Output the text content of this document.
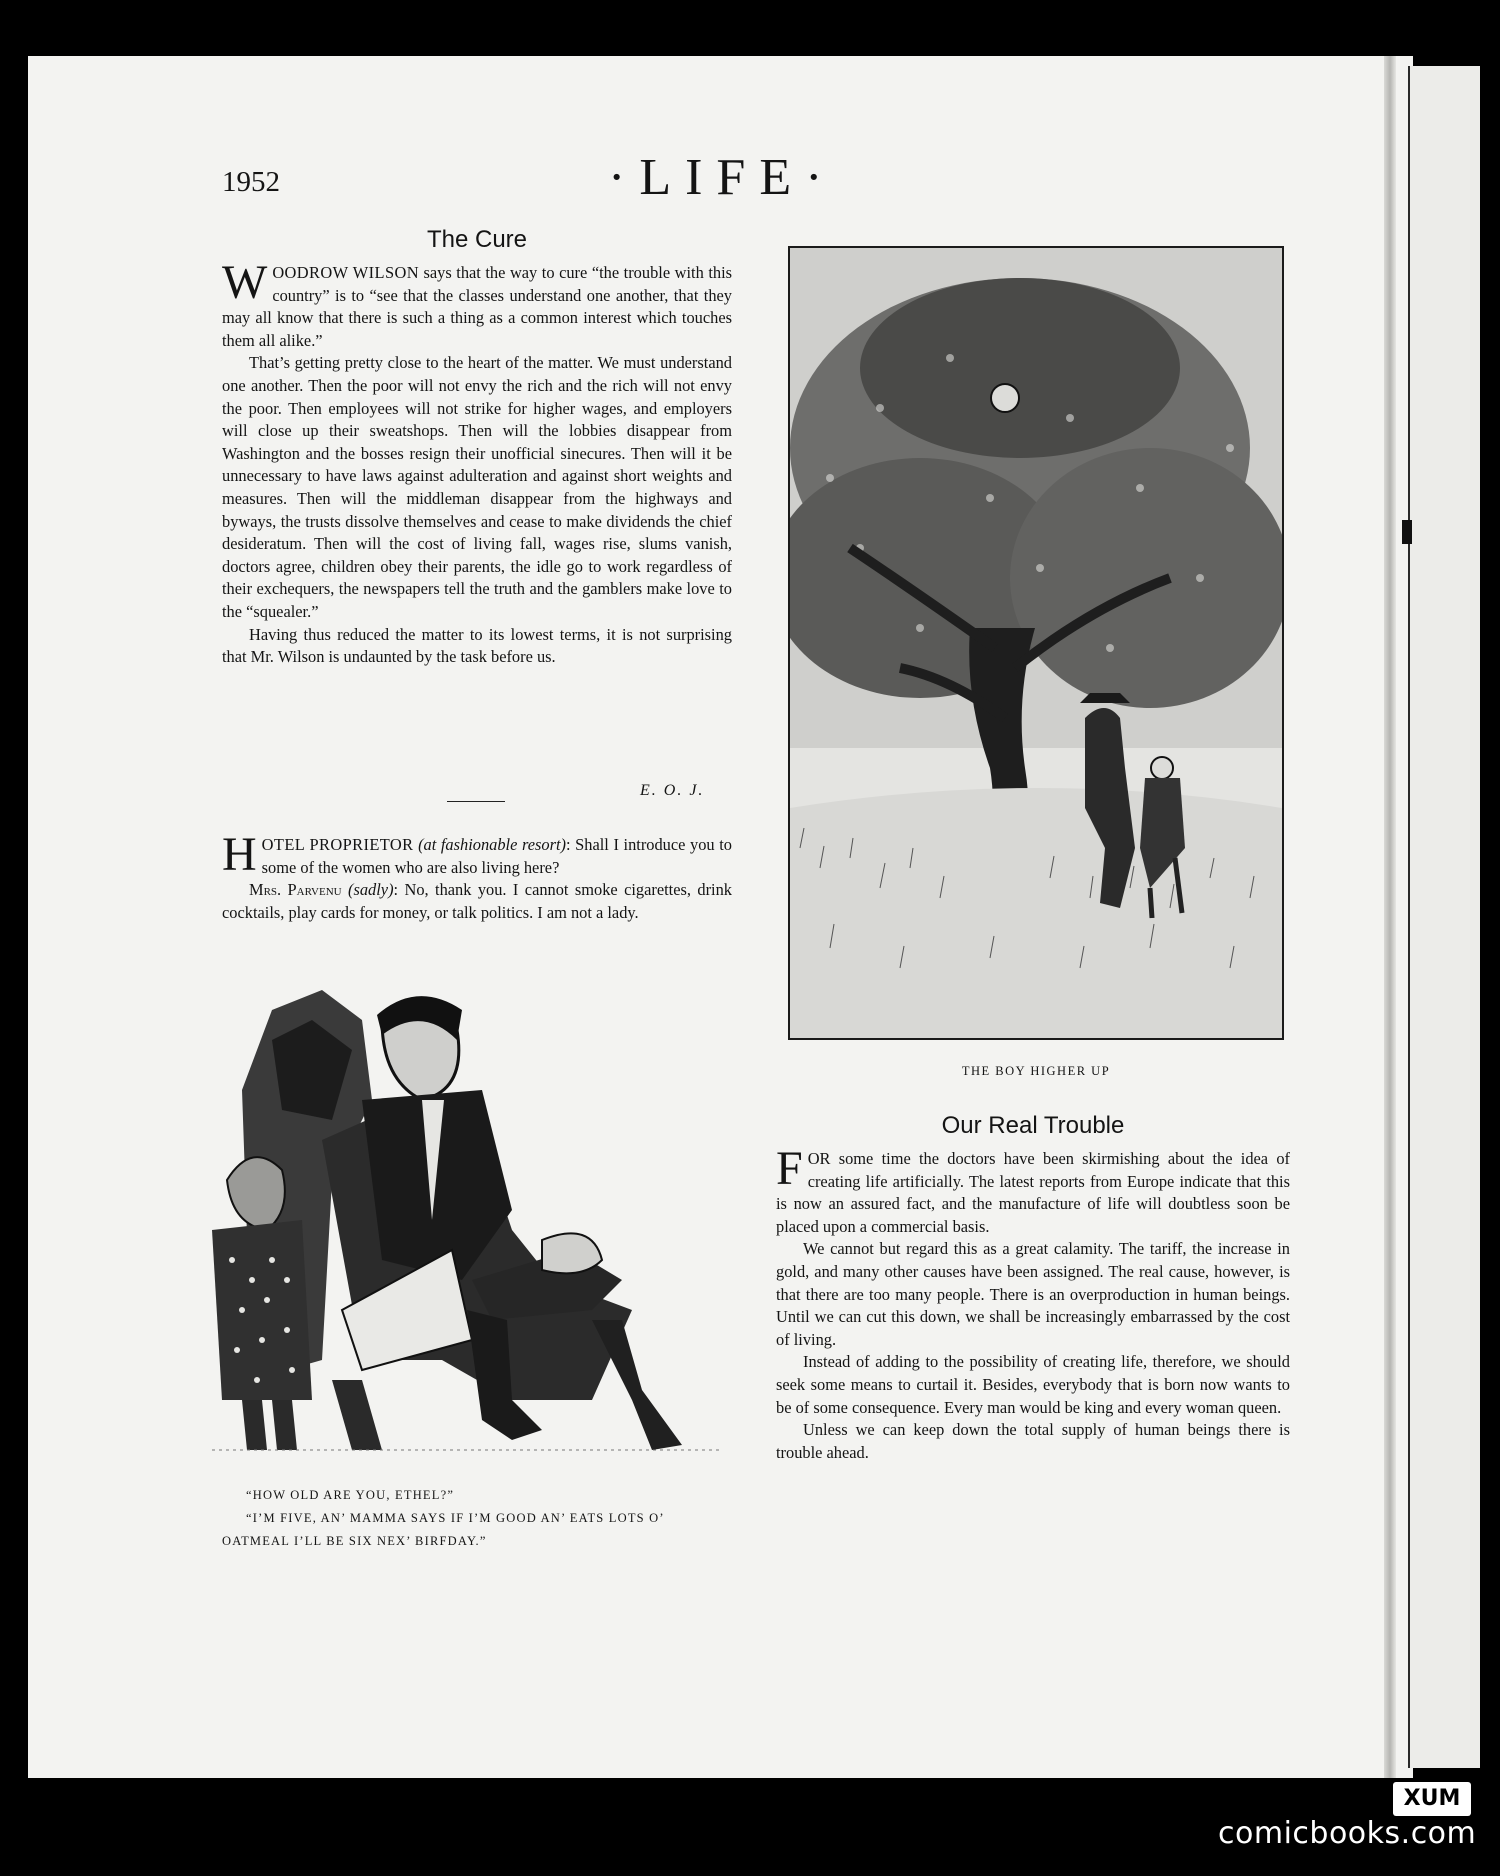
1952	·LIFE·
The Cure

WOODROW WILSON says that the way to cure “the trouble with this country” is to “see that the classes understand one another, that they may all know that there is such a thing as a common interest which touches them all alike.”

That’s getting pretty close to the heart of the matter. We must understand one another. Then the poor will not envy the rich and the rich will not envy the poor. Then employees will not strike for higher wages, and employers will close up their sweatshops. Then will the lobbies disappear from Washington and the bosses resign their unofficial sinecures. Then will it be unnecessary to have laws against adulteration and against short weights and measures. Then will the middleman disappear from the highways and byways, the trusts dissolve themselves and cease to make dividends the chief desideratum. Then will the cost of living fall, wages rise, slums vanish, doctors agree, children obey their parents, the idle go to work regardless of their exchequers, the newspapers tell the truth and the gamblers make love to the “squealer.”

Having thus reduced the matter to its lowest terms, it is not surprising that Mr. Wilson is undaunted by the task before us.

E. O. J.

HOTEL PROPRIETOR (at fashionable resort): Shall I introduce you to some of the women who are also living here?

Mrs. Parvenu (sadly): No, thank you. I cannot smoke cigarettes, drink cocktails, play cards for money, or talk politics. I am not a lady.

“HOW OLD ARE YOU, ETHEL?”

“I’M FIVE, AN’ MAMMA SAYS IF I’M GOOD AN’ EATS LOTS O’ OATMEAL I’LL BE SIX NEX’ BIRFDAY.”

THE BOY HIGHER UP
Our Real Trouble

FOR some time the doctors have been skirmishing about the idea of creating life artificially. The latest reports from Europe indicate that this is now an assured fact, and the manufacture of life will doubtless soon be placed upon a commercial basis.

We cannot but regard this as a great calamity. The tariff, the increase in gold, and many other causes have been assigned. The real cause, however, is that there are too many people. There is an overproduction in human beings. Until we can cut this down, we shall be increasingly embarrassed by the cost of living.

Instead of adding to the possibility of creating life, therefore, we should seek some means to curtail it. Besides, everybody that is born now wants to be of some consequence. Every man would be king and every woman queen.

Unless we can keep down the total supply of human beings there is trouble ahead.

XUM
comicbooks.com
